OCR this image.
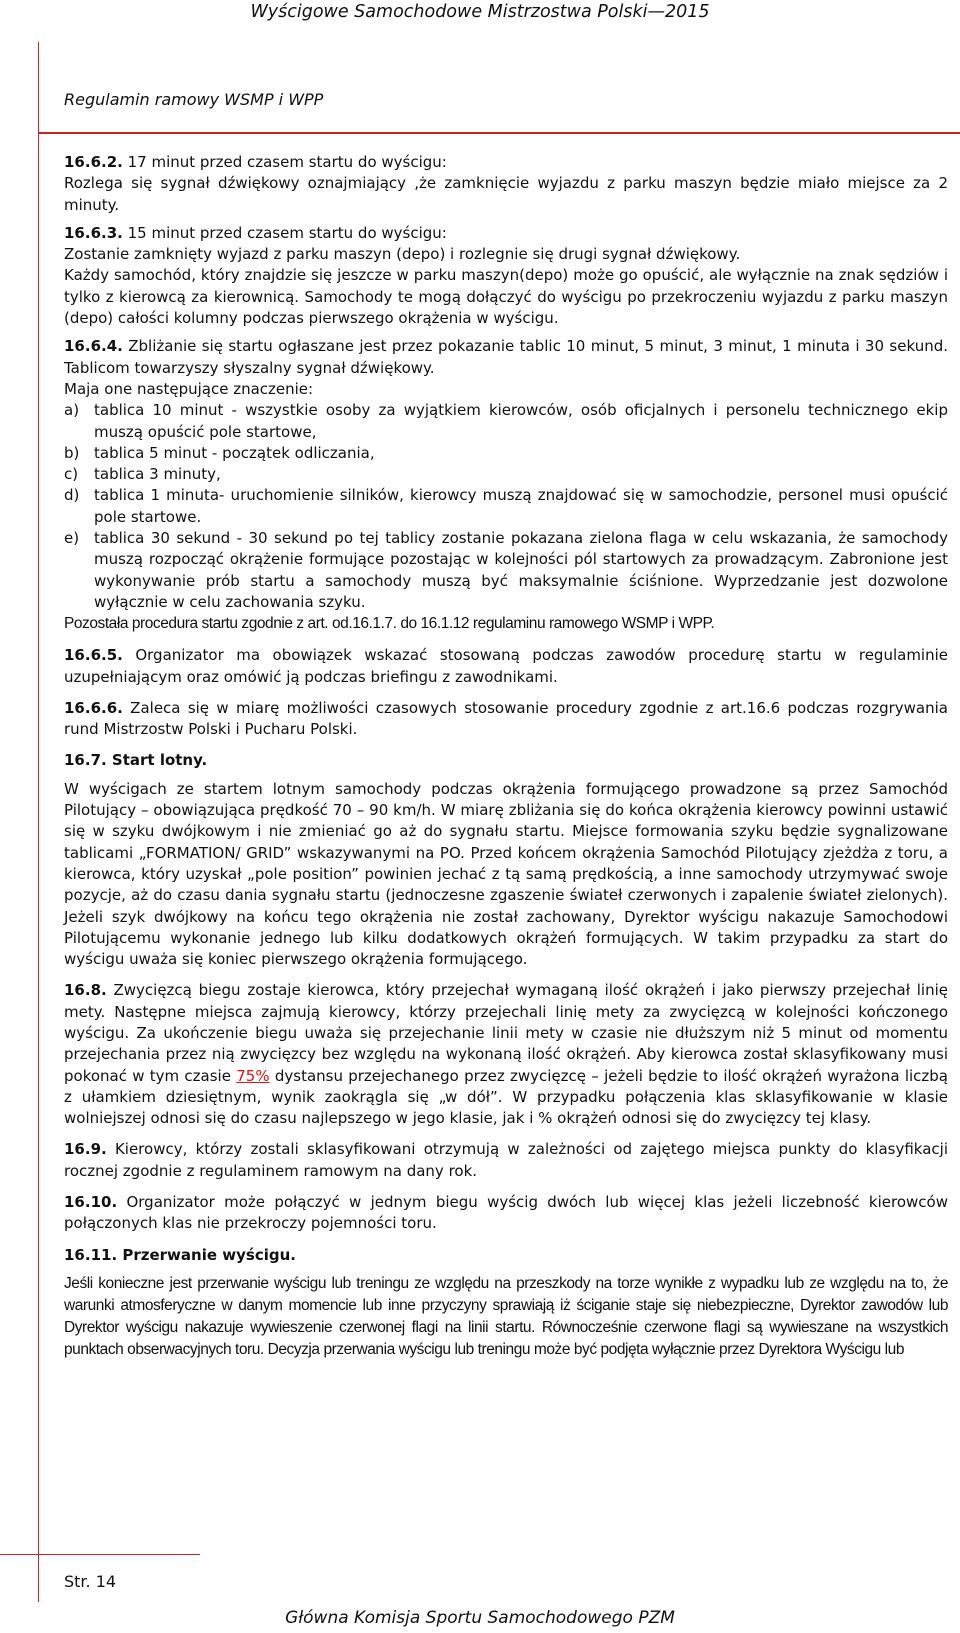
Wyścigowe Samochodowe Mistrzostwa Polski—2015
Regulamin ramowy WSMP i WPP

16.6.2. 17 minut przed czasem startu do wyścigu:

Rozlega się sygnał dźwiękowy oznajmiający ,że zamknięcie wyjazdu z parku maszyn będzie miało miejsce za 2 minuty.

16.6.3. 15 minut przed czasem startu do wyścigu:

Zostanie zamknięty wyjazd z parku maszyn (depo) i rozlegnie się drugi sygnał dźwiękowy.

Każdy samochód, który znajdzie się jeszcze w parku maszyn(depo) może go opuścić, ale wyłącznie na znak sędziów i tylko z kierowcą za kierownicą. Samochody te mogą dołączyć do wyścigu po przekroczeniu wyjazdu z parku maszyn (depo) całości kolumny podczas pierwszego okrążenia w wyścigu.

16.6.4. Zbliżanie się startu ogłaszane jest przez pokazanie tablic 10 minut, 5 minut, 3 minut, 1 minuta i 30 sekund. Tablicom towarzyszy słyszalny sygnał dźwiękowy.

Maja one następujące znaczenie:

a) tablica 10 minut - wszystkie osoby za wyjątkiem kierowców, osób oficjalnych i personelu technicznego ekip muszą opuścić pole startowe,
b) tablica 5 minut - początek odliczania,
c)	tablica 3 minuty,
d) tablica 1 minuta- uruchomienie silników, kierowcy muszą znajdować się w samochodzie, personel musi opuścić pole startowe.
e) tablica 30 sekund - 30 sekund po tej tablicy zostanie pokazana zielona flaga w celu wskazania, że samochody muszą rozpocząć okrążenie formujące pozostając w kolejności pól startowych za prowadzącym. Zabronione jest wykonywanie prób startu a samochody muszą być maksymalnie ściśnione. Wyprzedzanie jest dozwolone wyłącznie w celu zachowania szyku.

Pozostała procedura startu zgodnie z art. od.16.1.7. do 16.1.12 regulaminu ramowego WSMP i WPP.

16.6.5. Organizator ma obowiązek wskazać stosowaną podczas zawodów procedurę startu w regulaminie uzupełniającym oraz omówić ją podczas briefingu z zawodnikami.

16.6.6. Zaleca się w miarę możliwości czasowych stosowanie procedury zgodnie z art.16.6 podczas rozgrywania rund Mistrzostw Polski i Pucharu Polski.

16.7. Start lotny.

W wyścigach ze startem lotnym samochody podczas okrążenia formującego prowadzone są przez Samochód Pilotujący – obowiązująca prędkość 70 – 90 km/h. W miarę zbliżania się do końca okrążenia kierowcy powinni ustawić się w szyku dwójkowym i nie zmieniać go aż do sygnału startu. Miejsce formowania szyku będzie sygnalizowane tablicami „FORMATION/ GRID” wskazywanymi na PO. Przed końcem okrążenia Samochód Pilotujący zjeżdża z toru, a kierowca, który uzyskał „pole position” powinien jechać z tą samą prędkością, a inne samochody utrzymywać swoje pozycje, aż do czasu dania sygnału startu (jednoczesne zgaszenie świateł czerwonych i zapalenie świateł zielonych). Jeżeli szyk dwójkowy na końcu tego okrążenia nie został zachowany, Dyrektor wyścigu nakazuje Samochodowi Pilotującemu wykonanie jednego lub kilku dodatkowych okrążeń formujących. W takim przypadku za start do wyścigu uważa się koniec pierwszego okrążenia formującego.

16.8. Zwycięzcą biegu zostaje kierowca, który przejechał wymaganą ilość okrążeń i jako pierwszy przejechał linię mety. Następne miejsca zajmują kierowcy, którzy przejechali linię mety za zwycięzcą w kolejności kończonego wyścigu. Za ukończenie biegu uważa się przejechanie linii mety w czasie nie dłuższym niż 5 minut od momentu przejechania przez nią zwycięzcy bez względu na wykonaną ilość okrążeń. Aby kierowca został sklasyfikowany musi pokonać w tym czasie 75% dystansu przejechanego przez zwycięzcę – jeżeli będzie to ilość okrążeń wyrażona liczbą z ułamkiem dziesiętnym, wynik zaokrągla się „w dół”. W przypadku połączenia klas sklasyfikowanie w klasie wolniejszej odnosi się do czasu najlepszego w jego klasie, jak i % okrążeń odnosi się do zwycięzcy tej klasy.

16.9. Kierowcy, którzy zostali sklasyfikowani otrzymują w zależności od zajętego miejsca punkty do klasyfikacji rocznej zgodnie z regulaminem ramowym na dany rok.

16.10. Organizator może połączyć w jednym biegu wyścig dwóch lub więcej klas jeżeli liczebność kierowców połączonych klas nie przekroczy pojemności toru.

16.11. Przerwanie wyścigu.

Jeśli konieczne jest przerwanie wyścigu lub treningu ze względu na przeszkody na torze wynikłe z wypadku lub ze względu na to, że warunki atmosferyczne w danym momencie lub inne przyczyny sprawiają iż ściganie staje się niebezpieczne, Dyrektor zawodów lub Dyrektor wyścigu nakazuje wywieszenie czerwonej flagi na linii startu. Równocześnie czerwone flagi są wywieszane na wszystkich punktach obserwacyjnych toru. Decyzja przerwania wyścigu lub treningu może być podjęta wyłącznie przez Dyrektora Wyścigu lub

Str. 14
Główna Komisja Sportu Samochodowego PZM
